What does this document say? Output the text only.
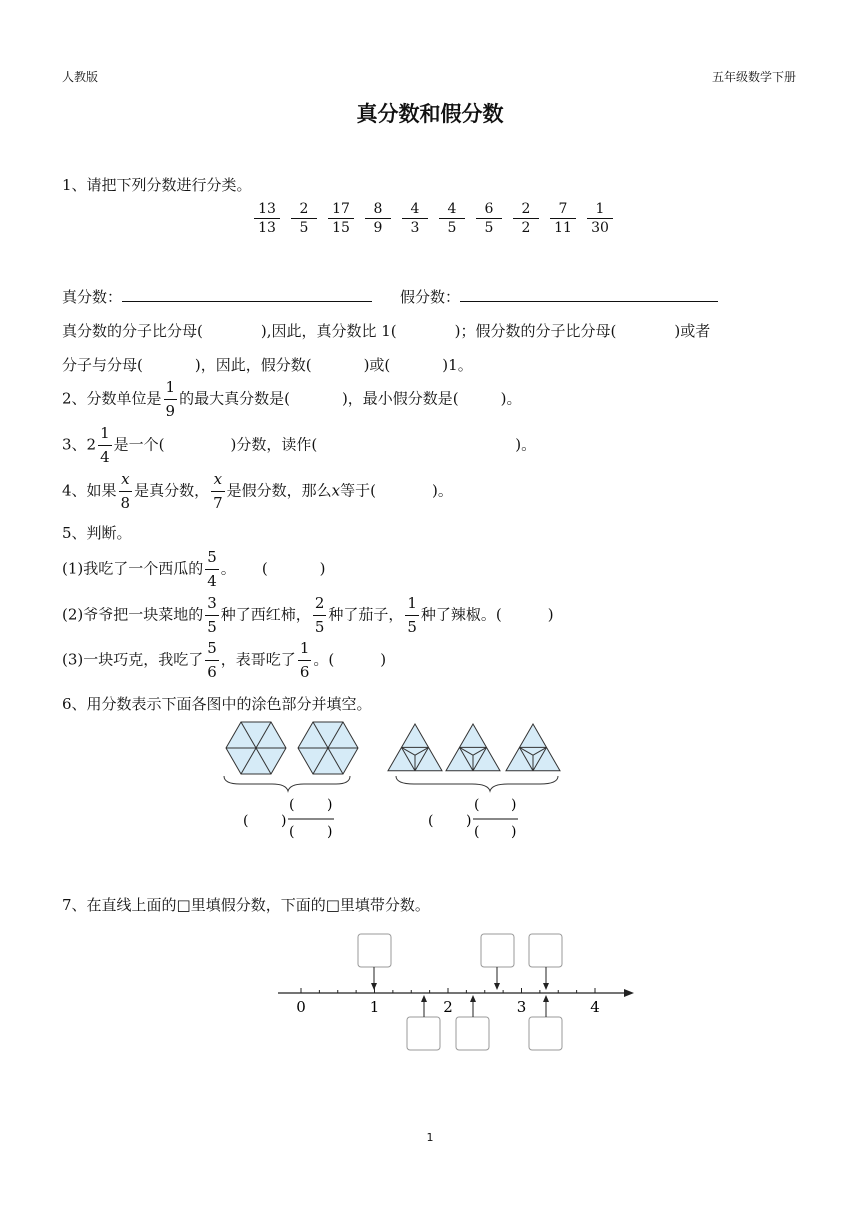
人教版	五年级数学下册
真分数和假分数
1、请把下列分数进行分类。
$\frac{13}{13} \frac{2}{5} \frac{17}{15} \frac{8}{9} \frac{4}{3} \frac{4}{5} \frac{6}{5} \frac{2}{2} \frac{7}{11} \frac{1}{30}$
真分数：	假分数：
真分数的分子比分母(	),因此，真分数比 1(	)；假分数的分子比分母(	)或者
分子与分母(	)，因此，假分数(	)或(	)1。
2、分数单位是 $\frac{1}{9}$ 的最大真分数是(	)，最小假分数是(	)。
3、$2 \frac{1}{4}$ 是一个(	)分数，读作(	)。
4、如果 $\frac{x}{8}$ 是真分数， $\frac{x}{7}$ 是假分数，那么x等于(	)。
5、判断。
(1)我吃了一个西瓜的 $\frac{5}{4}$ 。 (	)
(2)爷爷把一块菜地的 $\frac{3}{5}$ 种了西红柿， $\frac{2}{5}$ 种了茄子， $\frac{1}{5}$ 种了辣椒。(	)
(3)一块巧克，我吃了 $\frac{5}{6}$ ，表哥吃了 $\frac{1}{6}$ 。(	)
6、用分数表示下面各图中的涂色部分并填空。
( )
( )
( )
( )
( )
( )
7、在直线上面的□里填假分数，下面的□里填带分数。
0	1	2	3	4
1
